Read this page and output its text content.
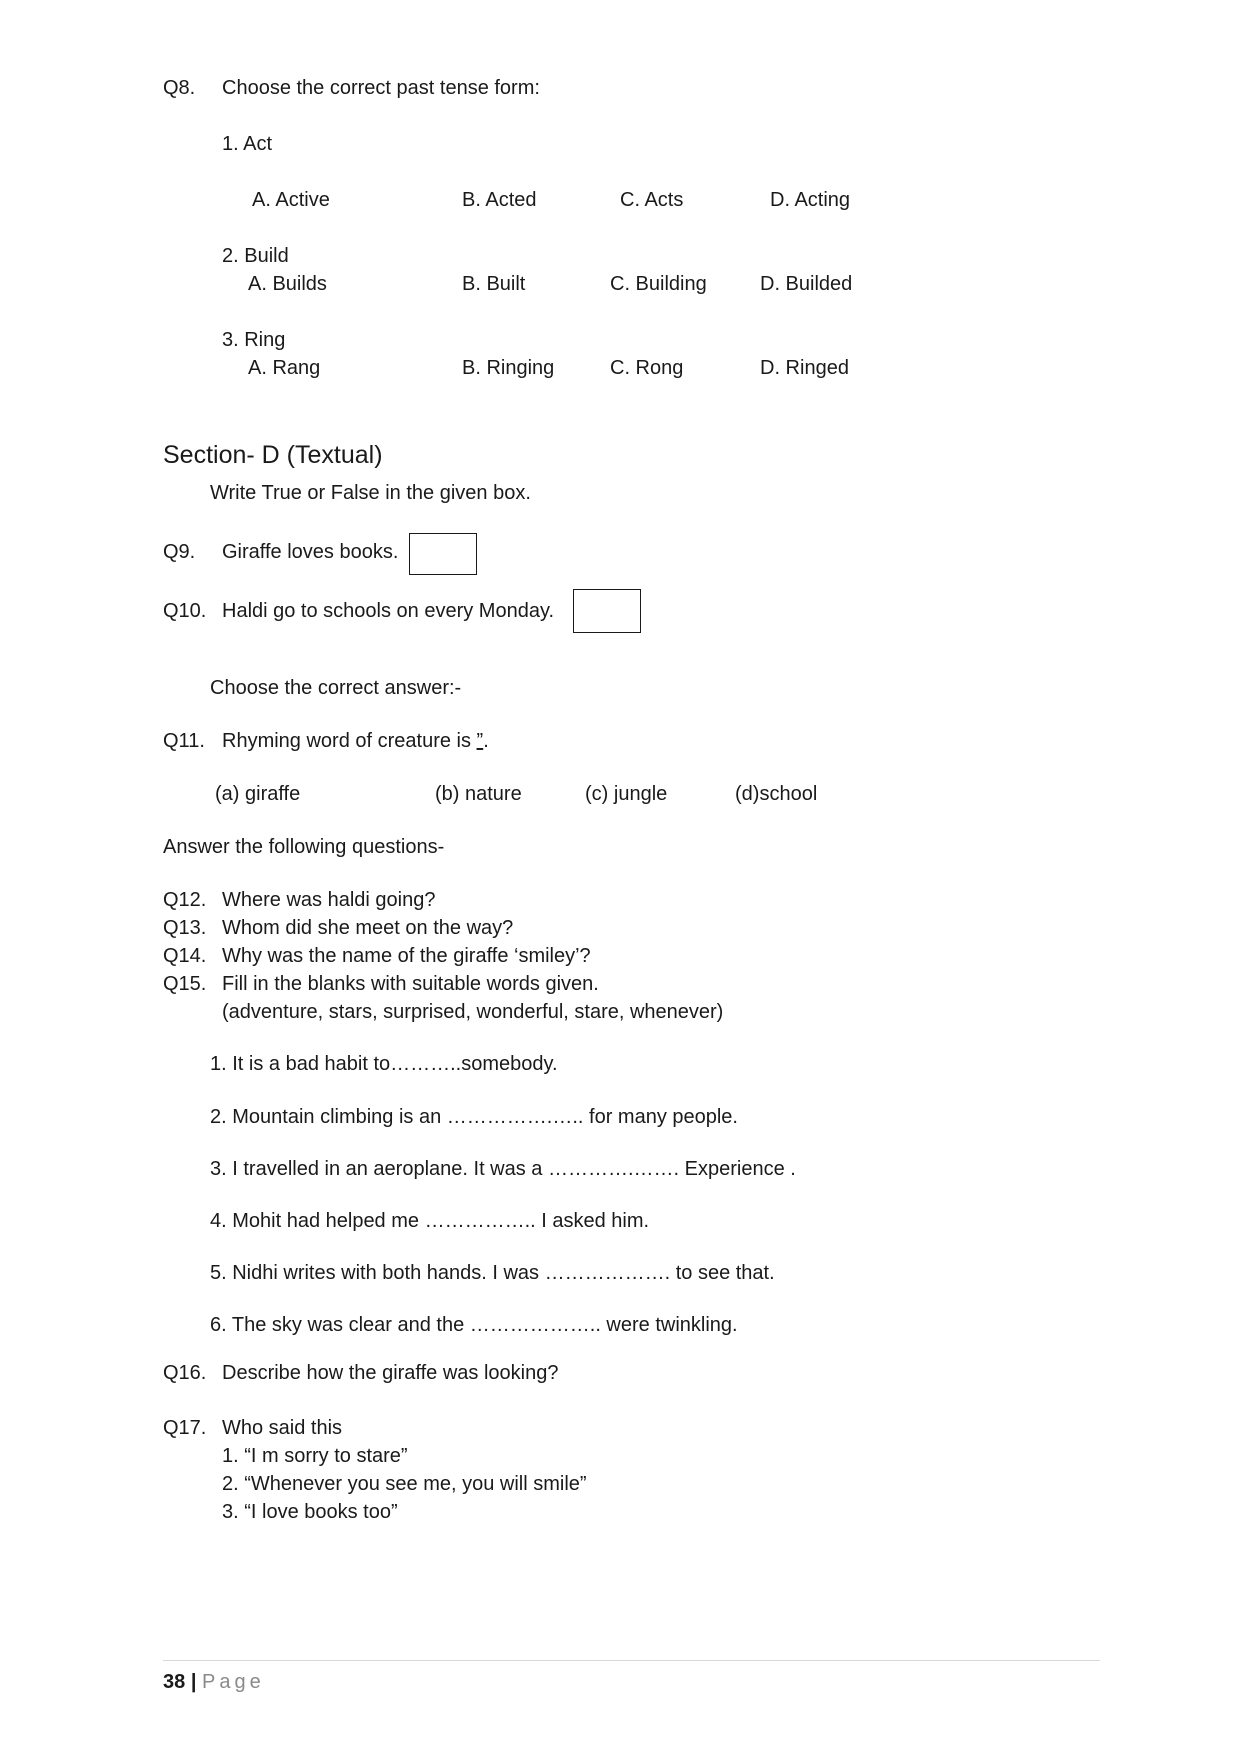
Q8. Choose the correct past tense form:
1. Act
A. Active	B. Acted	C. Acts	D. Acting
2. Build
A. Builds	B. Built	C. Building	D. Builded
3. Ring
A. Rang	B. Ringing	C. Rong	D. Ringed
Section- D (Textual)
Write True or False in the given box.
Q9. Giraffe loves books.
Q10. Haldi go to schools on every Monday.
Choose the correct answer:-
Q11. Rhyming word of creature is ”.
(a) giraffe	(b) nature	(c) jungle	(d)school
Answer the following questions-
Q12. Where was haldi going?
Q13. Whom did she meet on the way?
Q14. Why was the name of the giraffe ‘smiley’?
Q15. Fill in the blanks with suitable words given.
(adventure, stars, surprised, wonderful, stare, whenever)
1. It is a bad habit to………..somebody.
2. Mountain climbing is an …………….….. for many people.
3. I travelled in an aeroplane. It was a ………….……. Experience .
4. Mohit had helped me …………….. I asked him.
5. Nidhi writes with both hands. I was ………………. to see that.
6. The sky was clear and the ……………….. were twinkling.
Q16. Describe how the giraffe was looking?
Q17. Who said this
1. “I m sorry to stare”
2. “Whenever you see me, you will smile”
3. “I love books too”
38 | Page
